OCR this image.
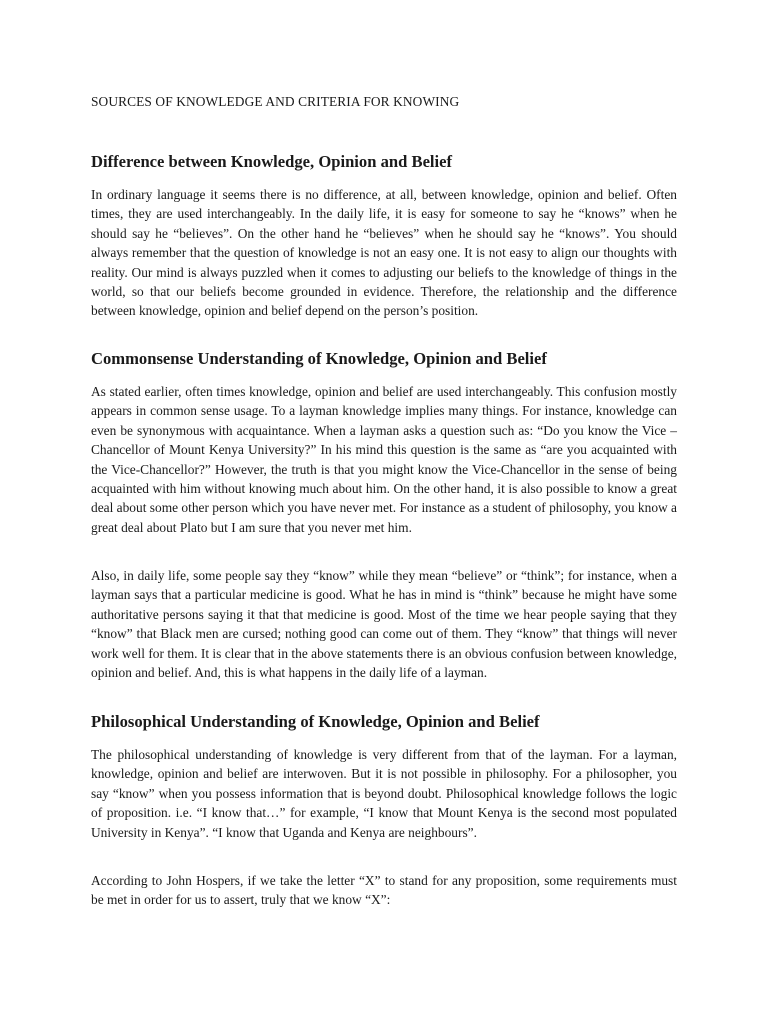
SOURCES OF KNOWLEDGE AND CRITERIA FOR KNOWING
Difference between Knowledge, Opinion and Belief

In ordinary language it seems there is no difference, at all, between knowledge, opinion and belief. Often times, they are used interchangeably. In the daily life, it is easy for someone to say he “knows” when he should say he “believes”. On the other hand he “believes” when he should say he “knows”. You should always remember that the question of knowledge is not an easy one. It is not easy to align our thoughts with reality. Our mind is always puzzled when it comes to adjusting our beliefs to the knowledge of things in the world, so that our beliefs become grounded in evidence. Therefore, the relationship and the difference between knowledge, opinion and belief depend on the person’s position.

Commonsense Understanding of Knowledge, Opinion and Belief

As stated earlier, often times knowledge, opinion and belief are used interchangeably. This confusion mostly appears in common sense usage. To a layman knowledge implies many things. For instance, knowledge can even be synonymous with acquaintance. When a layman asks a question such as: “Do you know the Vice – Chancellor of Mount Kenya University?” In his mind this question is the same as “are you acquainted with the Vice-Chancellor?” However, the truth is that you might know the Vice-Chancellor in the sense of being acquainted with him without knowing much about him. On the other hand, it is also possible to know a great deal about some other person which you have never met. For instance as a student of philosophy, you know a great deal about Plato but I am sure that you never met him.

Also, in daily life, some people say they “know” while they mean “believe” or “think”; for instance, when a layman says that a particular medicine is good. What he has in mind is “think” because he might have some authoritative persons saying it that that medicine is good. Most of the time we hear people saying that they “know” that Black men are cursed; nothing good can come out of them. They “know” that things will never work well for them. It is clear that in the above statements there is an obvious confusion between knowledge, opinion and belief. And, this is what happens in the daily life of a layman.

Philosophical Understanding of Knowledge, Opinion and Belief

The philosophical understanding of knowledge is very different from that of the layman. For a layman, knowledge, opinion and belief are interwoven. But it is not possible in philosophy. For a philosopher, you say “know” when you possess information that is beyond doubt. Philosophical knowledge follows the logic of proposition. i.e. “I know that…” for example, “I know that Mount Kenya is the second most populated University in Kenya”. “I know that Uganda and Kenya are neighbours”.

According to John Hospers, if we take the letter “X” to stand for any proposition, some requirements must be met in order for us to assert, truly that we know “X”:
